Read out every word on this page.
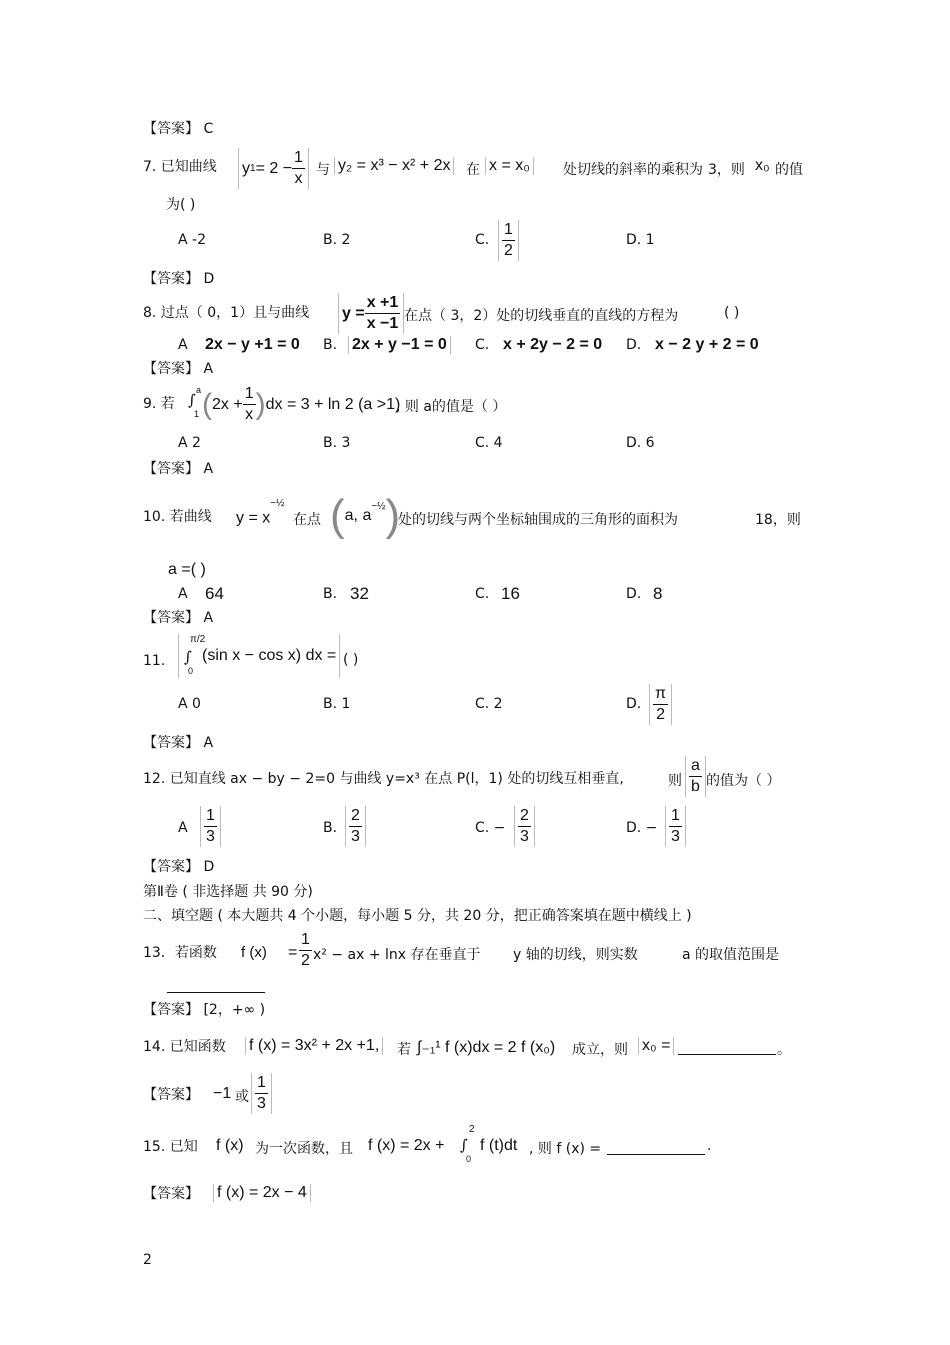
【答案】 C
7. 已知曲线 y $1 = 2 - \frac{1}{x}$ 与 y₂ = x³ − x² + 2x 在 x = x₀ 处切线的斜率的乘积为 3，则 x₀ 的值
为( )
A -2	B. 2	C. $\frac{1}{2}$	D. 1
【答案】 D
8. 过点（ 0，1）且与曲线 $y = \frac{x +1}{x -1}$ 在点（ 3，2）处的切线垂直的直线的方程为	( )
A 2x − y +1 = 0 B. 2x + y −1 = 0 C. x + 2y − 2 = 0 D. x − 2 y + 2 = 0
【答案】 A
9. 若 ∫
a
1 ( $2x + \frac{1}{x}$ ) dx = 3 + ln 2 (a >1)
, 则 a的值是（ ）
A 2	B. 3	C. 4	D. 6
【答案】 A
10. 若曲线 $y = x^{-\frac{1}{2}}$
在点 ( a, a
$^{-\frac{1}{2}}$ )
处的切线与两个坐标轴围成的三角形的面积为	18，则
a =( )
A 64	B. 32	C. 16	D. 8
【答案】 A
11. ∫
π/2
0
(sin x − cos x) dx = ( )
A 0	B. 1	C. 2	D. $\frac{\pi}{2}$
【答案】 A
12. 已知直线 ax − by − 2=0 与曲线 y=x³ 在点 P(l，1) 处的切线互相垂直,	则 $\frac{a}{b}$ 的值为（ ）
A $\frac{1}{3}$	B. $\frac{2}{3}$	C. − $\frac{2}{3}$	D. − $\frac{1}{3}$
【答案】 D
第Ⅱ卷 ( 非选择题 共 90 分)
二、填空题 ( 本大题共 4 个小题，每小题 5 分，共 20 分，把正确答案填在题中横线上 )
13．若函数 f $(x) = \frac{1}{2} x^2$ − ax + lnx 存在垂直于 y 轴的切线，则实数	a 的取值范围是
【答案】 [2，+∞ )
14. 已知函数 f (x) = 3x² + 2x +1, 若 ∫₋₁¹ f (x)dx = 2 f (x₀) 成立，则 x₀ =	。
【答案】 −1 或 $\frac{1}{3}$
15. 已知 f (x) 为一次函数，且 f (x) = 2x + ∫
2
0
f (t)dt , 则 f (x) =	.
【答案】 f (x) = 2x − 4
2
